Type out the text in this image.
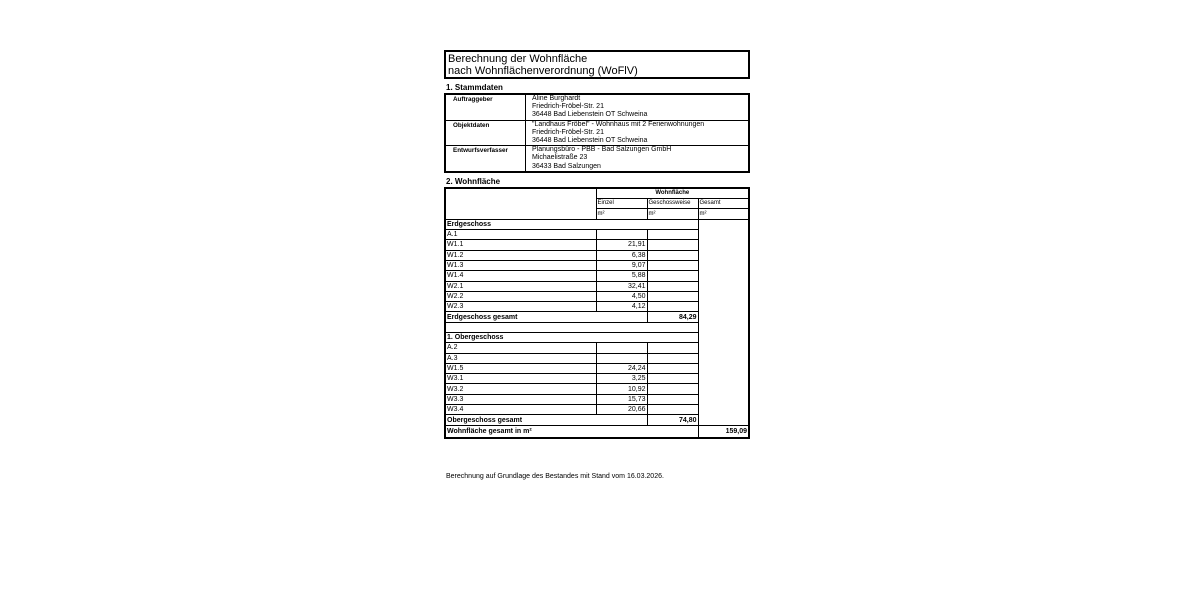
Berechnung der Wohnfläche
nach Wohnflächenverordnung (WoFlV)
1. Stammdaten
Auftraggeber	Aline Burghardt
Friedrich-Fröbel-Str. 21
36448 Bad Liebenstein OT Schweina

Objektdaten	"Landhaus Fröbel" - Wohnhaus mit 2 Ferienwohnungen
Friedrich-Fröbel-Str. 21
36448 Bad Liebenstein OT Schweina

Entwurfsverfasser	Planungsbüro - PBB - Bad Salzungen GmbH
Michaelistraße 23
36433 Bad Salzungen
2. Wohnfläche
	Wohnfläche		
	Einzel	Geschossweise	Gesamt
	m²	m²	m²
Erdgeschoss			
A.1			
W1.1	21,91		
W1.2	6,38		
W1.3	9,07		
W1.4	5,88		
W2.1	32,41		
W2.2	4,50		
W2.3	4,12		
Erdgeschoss gesamt		84,29	

1. Obergeschoss			
A.2			
A.3			
W1.5	24,24		
W3.1	3,25		
W3.2	10,92		
W3.3	15,73		
W3.4	20,66		
Obergeschoss gesamt		74,80	
Wohnfläche gesamt in m²			159,09
Berechnung auf Grundlage des Bestandes mit Stand vom 16.03.2026.
